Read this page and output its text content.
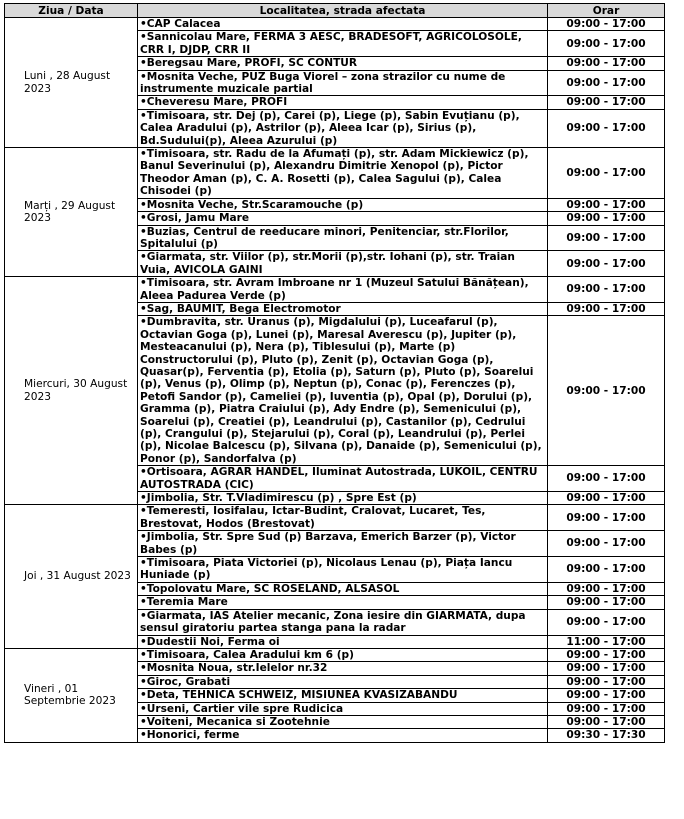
Ziua / Data	Localitatea, strada afectata	Orar
Luni , 28 August 2023	•CAP Calacea	09:00 - 17:00
	•Sannicolau Mare, FERMA 3 AESC, BRADESOFT, AGRICOLOSOLE, CRR I, DJDP, CRR II	09:00 - 17:00
	•Beregsau Mare, PROFI, SC CONTUR	09:00 - 17:00
	•Mosnita Veche, PUZ Buga Viorel – zona strazilor cu nume de instrumente muzicale partial	09:00 - 17:00
	•Cheveresu Mare, PROFI	09:00 - 17:00
	•Timisoara, str. Dej (p), Carei (p), Liege (p), Sabin Evuțianu (p), Calea Aradului (p), Astrilor (p), Aleea Icar (p), Sirius (p), Bd.Sudului(p), Aleea Azurului (p)	09:00 - 17:00
Marți , 29 August 2023	•Timisoara, str. Radu de la Afumați (p), str. Adam Mickiewicz (p), Banul Severinului (p), Alexandru Dimitrie Xenopol (p), Pictor Theodor Aman (p), C. A. Rosetti (p), Calea Sagului (p), Calea Chisodei (p)	09:00 - 17:00
	•Mosnita Veche, Str.Scaramouche (p)	09:00 - 17:00
	•Grosi, Jamu Mare	09:00 - 17:00
	•Buzias, Centrul de reeducare minori, Penitenciar, str.Florilor, Spitalului (p)	09:00 - 17:00
	•Giarmata, str. Viilor (p), str.Morii (p),str. Iohani (p), str. Traian Vuia, AVICOLA GAINI	09:00 - 17:00
Miercuri, 30 August 2023	•Timisoara, str. Avram Imbroane nr 1 (Muzeul Satului Bănățean), Aleea Padurea Verde (p)	09:00 - 17:00
	•Sag, BAUMIT, Bega Electromotor	09:00 - 17:00
	•Dumbravita, str. Uranus (p), Migdalului (p), Luceafarul (p), Octavian Goga (p), Lunei (p), Maresal Averescu (p), Jupiter (p), Mesteacanului (p), Nera (p), Tiblesului (p), Marte (p) Constructorului (p), Pluto (p), Zenit (p), Octavian Goga (p), Quasar(p), Ferventia (p), Etolia (p), Saturn (p), Pluto (p), Soarelui (p), Venus (p), Olimp (p), Neptun (p), Conac (p), Ferenczes (p), Petofi Sandor (p), Cameliei (p), Iuventia (p), Opal (p), Dorului (p), Gramma (p), Piatra Craiului (p), Ady Endre (p), Semenicului (p), Soarelui (p), Creatiei (p), Leandrului (p), Castanilor (p), Cedrului (p), Crangului (p), Stejarului (p), Coral (p), Leandrului (p), Perlei (p), Nicolae Balcescu (p), Silvana (p), Danaide (p), Semenicului (p), Ponor (p), Sandorfalva (p)	09:00 - 17:00
	•Ortisoara, AGRAR HANDEL, Iluminat Autostrada, LUKOIL, CENTRU AUTOSTRADA (CIC)	09:00 - 17:00
	•Jimbolia, Str. T.Vladimirescu (p) , Spre Est (p)	09:00 - 17:00
Joi , 31 August 2023	•Temeresti, Iosifalau, Ictar-Budint, Cralovat, Lucaret, Tes, Brestovat, Hodos (Brestovat)	09:00 - 17:00
	•Jimbolia, Str. Spre Sud (p) Barzava, Emerich Barzer (p), Victor Babes (p)	09:00 - 17:00
	•Timisoara, Piata Victoriei (p), Nicolaus Lenau (p), Piața Iancu Huniade (p)	09:00 - 17:00
	•Topolovatu Mare, SC ROSELAND, ALSASOL	09:00 - 17:00
	•Teremia Mare	09:00 - 17:00
	•Giarmata, IAS Atelier mecanic, Zona iesire din GIARMATA, dupa sensul giratoriu partea stanga pana la radar	09:00 - 17:00
	•Dudestii Noi, Ferma oi	11:00 - 17:00
Vineri , 01 Septembrie 2023	•Timisoara, Calea Aradului km 6 (p)	09:00 - 17:00
	•Mosnita Noua, str.Ielelor nr.32	09:00 - 17:00
	•Giroc, Grabati	09:00 - 17:00
	•Deta, TEHNICA SCHWEIZ, MISIUNEA KVASIZABANDU	09:00 - 17:00
	•Urseni, Cartier vile spre Rudicica	09:00 - 17:00
	•Voiteni, Mecanica si Zootehnie	09:00 - 17:00
	•Honorici, ferme	09:30 - 17:30
